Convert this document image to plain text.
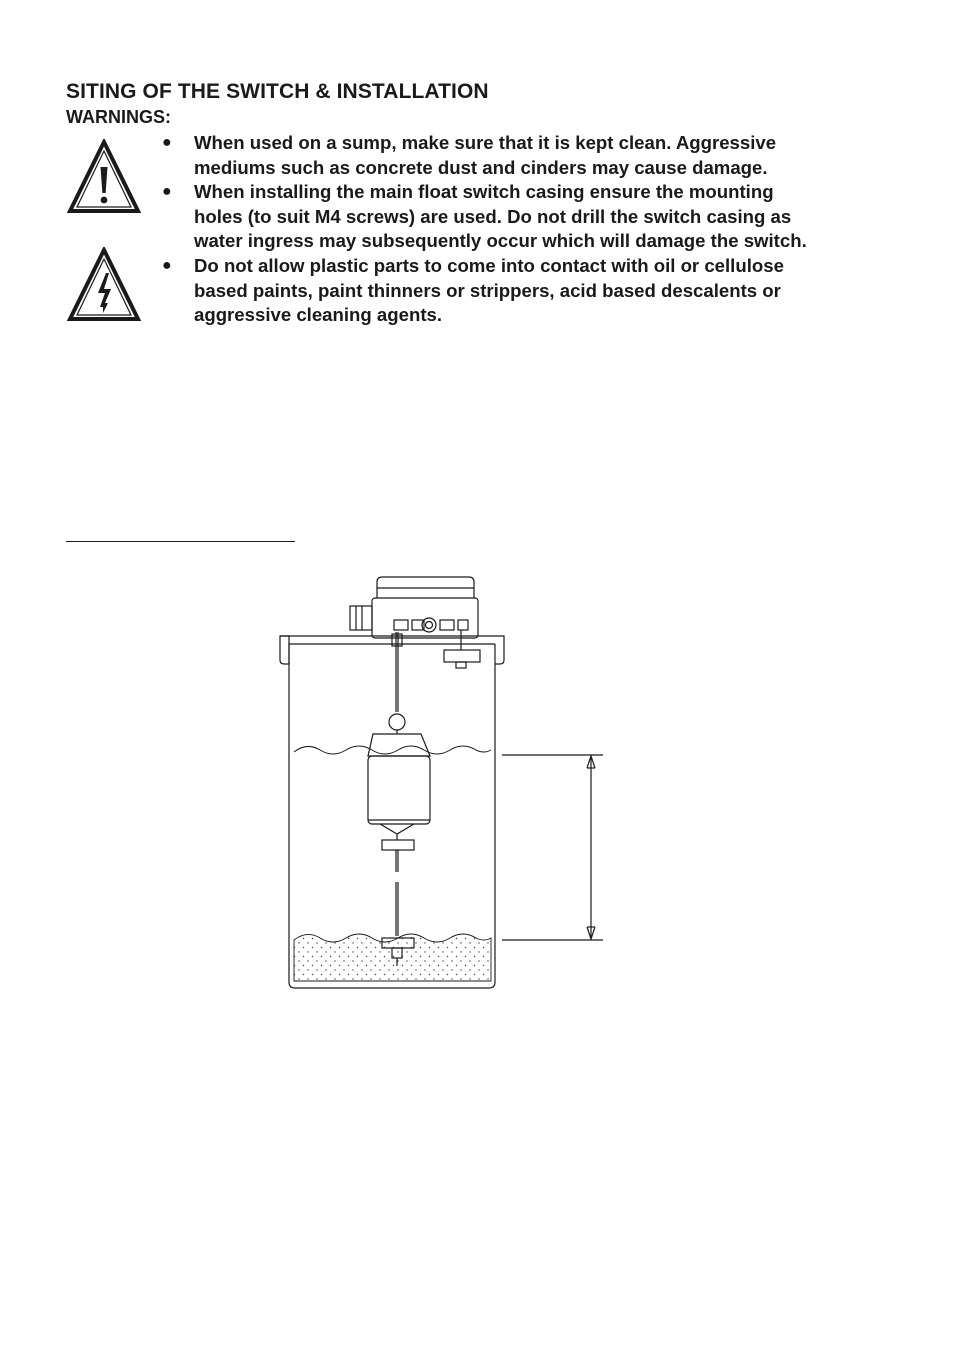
SITING OF THE SWITCH & INSTALLATION
WARNINGS:
● When used on a sump, make sure that it is kept clean. Aggressive
mediums such as concrete dust and cinders may cause damage.
● When installing the main float switch casing ensure the mounting
holes (to suit M4 screws) are used. Do not drill the switch casing as
water ingress may subsequently occur which will damage the switch.
● Do not allow plastic parts to come into contact with oil or cellulose
based paints, paint thinners or strippers, acid based descalents or
aggressive cleaning agents.
